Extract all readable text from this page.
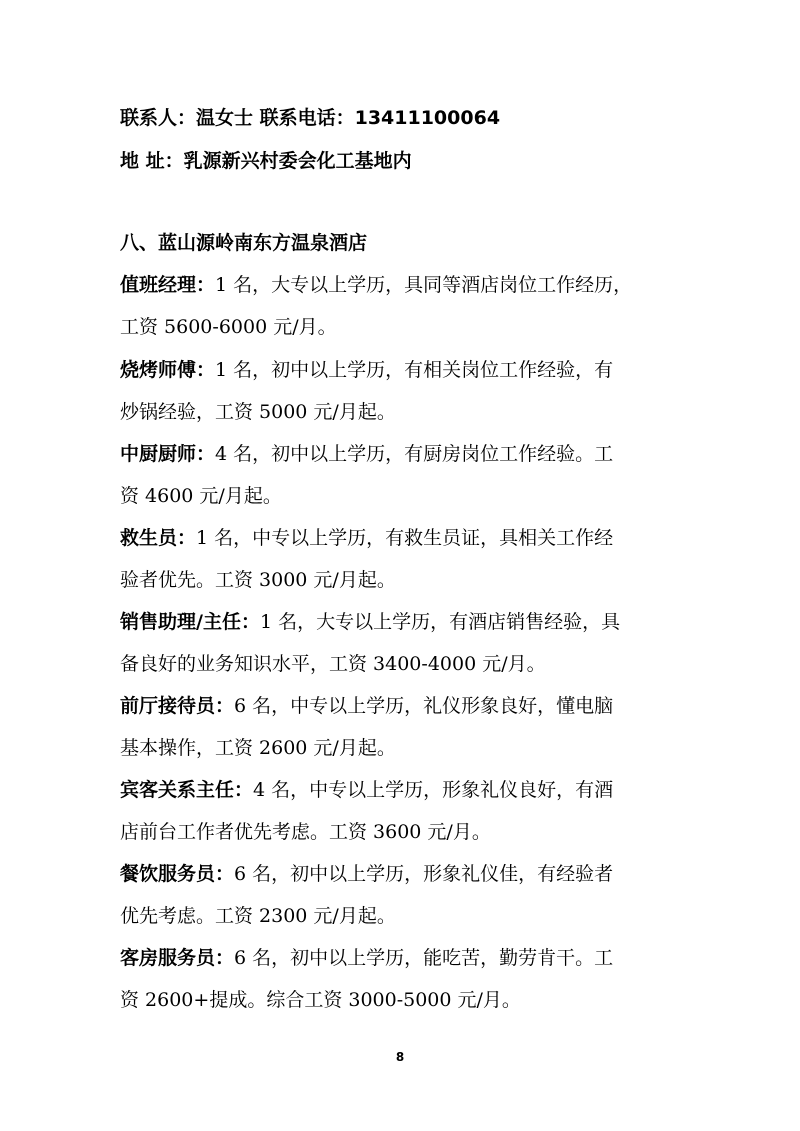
联系人：温女士 联系电话：13411100064
地 址：乳源新兴村委会化工基地内
八、蓝山源岭南东方温泉酒店
值班经理：1 名，大专以上学历，具同等酒店岗位工作经历，
工资 5600-6000 元/月。
烧烤师傅：1 名，初中以上学历，有相关岗位工作经验，有
炒锅经验，工资 5000 元/月起。
中厨厨师：4 名，初中以上学历，有厨房岗位工作经验。工
资 4600 元/月起。
救生员：1 名，中专以上学历，有救生员证，具相关工作经
验者优先。工资 3000 元/月起。
销售助理/主任：1 名，大专以上学历，有酒店销售经验，具
备良好的业务知识水平，工资 3400-4000 元/月。
前厅接待员：6 名，中专以上学历，礼仪形象良好，懂电脑
基本操作，工资 2600 元/月起。
宾客关系主任：4 名，中专以上学历，形象礼仪良好，有酒
店前台工作者优先考虑。工资 3600 元/月。
餐饮服务员：6 名，初中以上学历，形象礼仪佳，有经验者
优先考虑。工资 2300 元/月起。
客房服务员：6 名，初中以上学历，能吃苦，勤劳肯干。工
资 2600+提成。综合工资 3000-5000 元/月。
8
